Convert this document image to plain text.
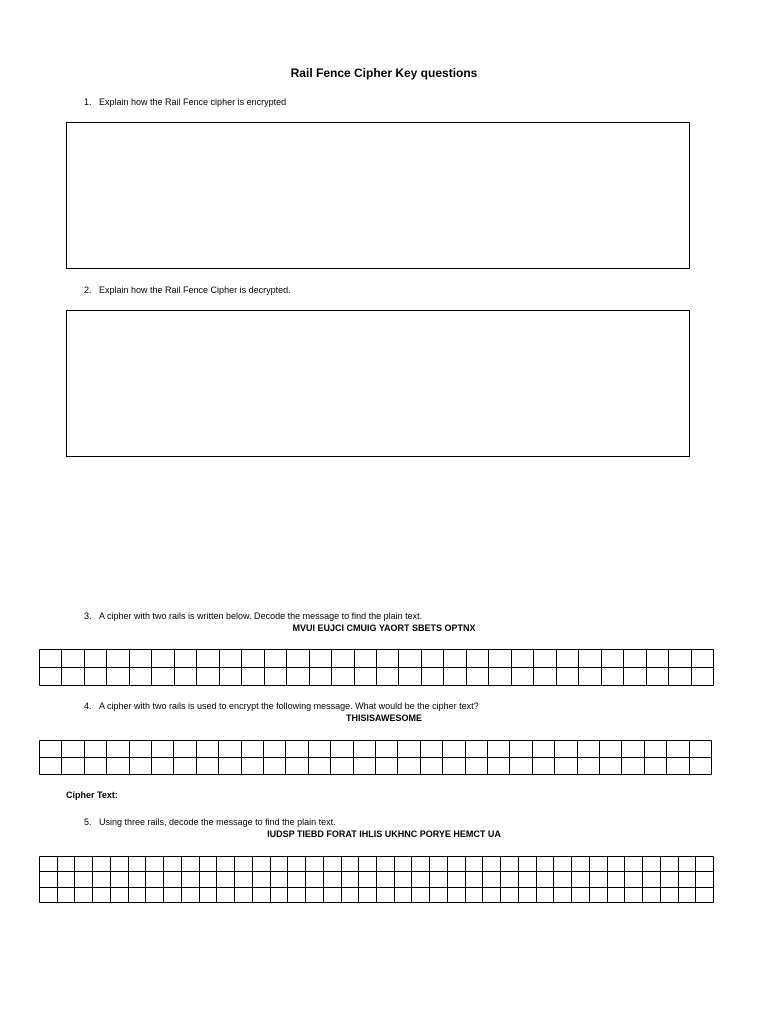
Rail Fence Cipher Key questions
1. Explain how the Rail Fence cipher is encrypted
2. Explain how the Rail Fence Cipher is decrypted.
3. A cipher with two rails is written below. Decode the message to find the plain text.
MVUI EUJCI CMUIG YAORT SBETS OPTNX
4. A cipher with two rails is used to encrypt the following message. What would be the cipher text?
THISISAWESOME
Cipher Text:
5. Using three rails, decode the message to find the plain text.
IUDSP TIEBD FORAT IHLIS UKHNC PORYE HEMCT UA
